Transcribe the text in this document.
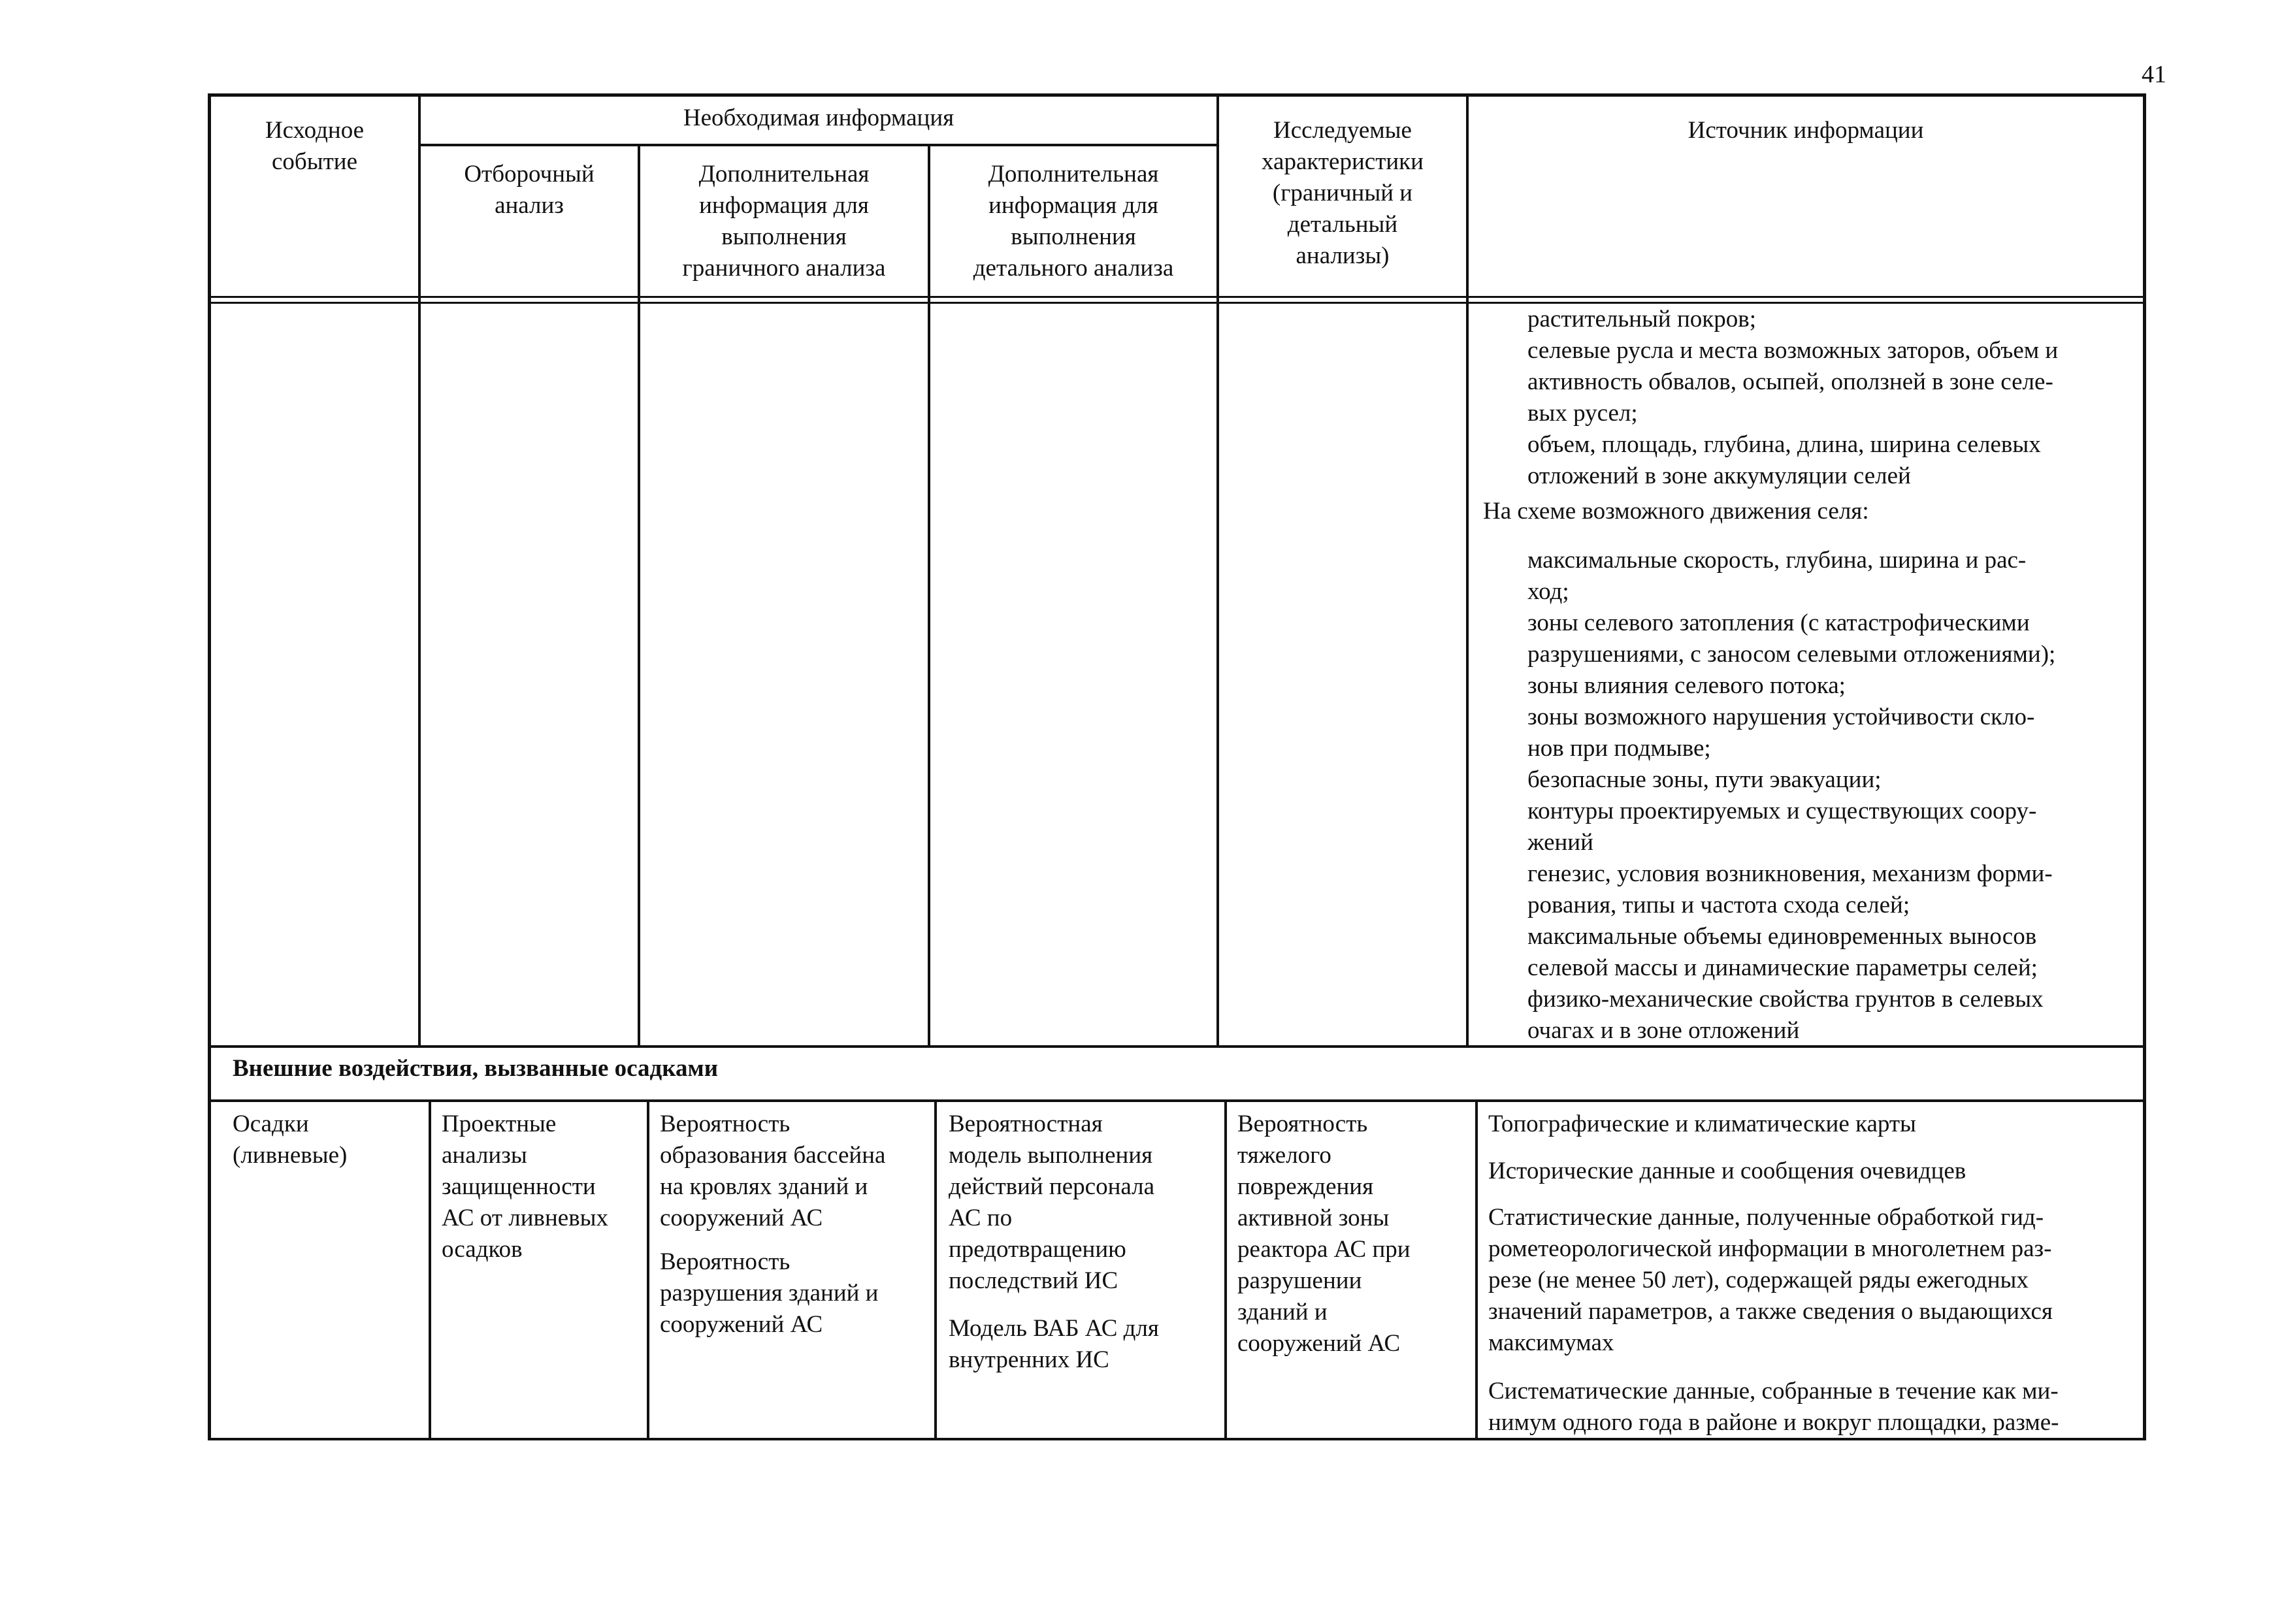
41
Исходное
событие
Необходимая информация
Отборочный
анализ
Дополнительная
информация для
выполнения
граничного анализа
Дополнительная
информация для
выполнения
детального анализа
Исследуемые
характеристики
(граничный и
детальный
анализы)
Источник информации
растительный покров;
селевые русла и места возможных заторов, объем и
активность обвалов, осыпей, оползней в зоне селе-
вых русел;
объем, площадь, глубина, длина, ширина селевых
отложений в зоне аккумуляции селей
На схеме возможного движения селя:
максимальные скорость, глубина, ширина и рас-
ход;
зоны селевого затопления (с катастрофическими
разрушениями, с заносом селевыми отложениями);
зоны влияния селевого потока;
зоны возможного нарушения устойчивости скло-
нов при подмыве;
безопасные зоны, пути эвакуации;
контуры проектируемых и существующих соору-
жений
генезис, условия возникновения, механизм форми-
рования, типы и частота схода селей;
максимальные объемы единовременных выносов
селевой массы и динамические параметры селей;
физико-механические свойства грунтов в селевых
очагах и в зоне отложений
Внешние воздействия, вызванные осадками
Осадки
(ливневые)
Проектные
анализы
защищенности
АС от ливневых
осадков
Вероятность
образования бассейна
на кровлях зданий и
сооружений АС
Вероятность
разрушения зданий и
сооружений АС
Вероятностная
модель выполнения
действий персонала
АС по
предотвращению
последствий ИС
Модель ВАБ АС для
внутренних ИС
Вероятность
тяжелого
повреждения
активной зоны
реактора АС при
разрушении
зданий и
сооружений АС
Топографические и климатические карты
Исторические данные и сообщения очевидцев
Статистические данные, полученные обработкой гид-
рометеорологической информации в многолетнем раз-
резе (не менее 50 лет), содержащей ряды ежегодных
значений параметров, а также сведения о выдающихся
максимумах
Систематические данные, собранные в течение как ми-
нимум одного года в районе и вокруг площадки, разме-
